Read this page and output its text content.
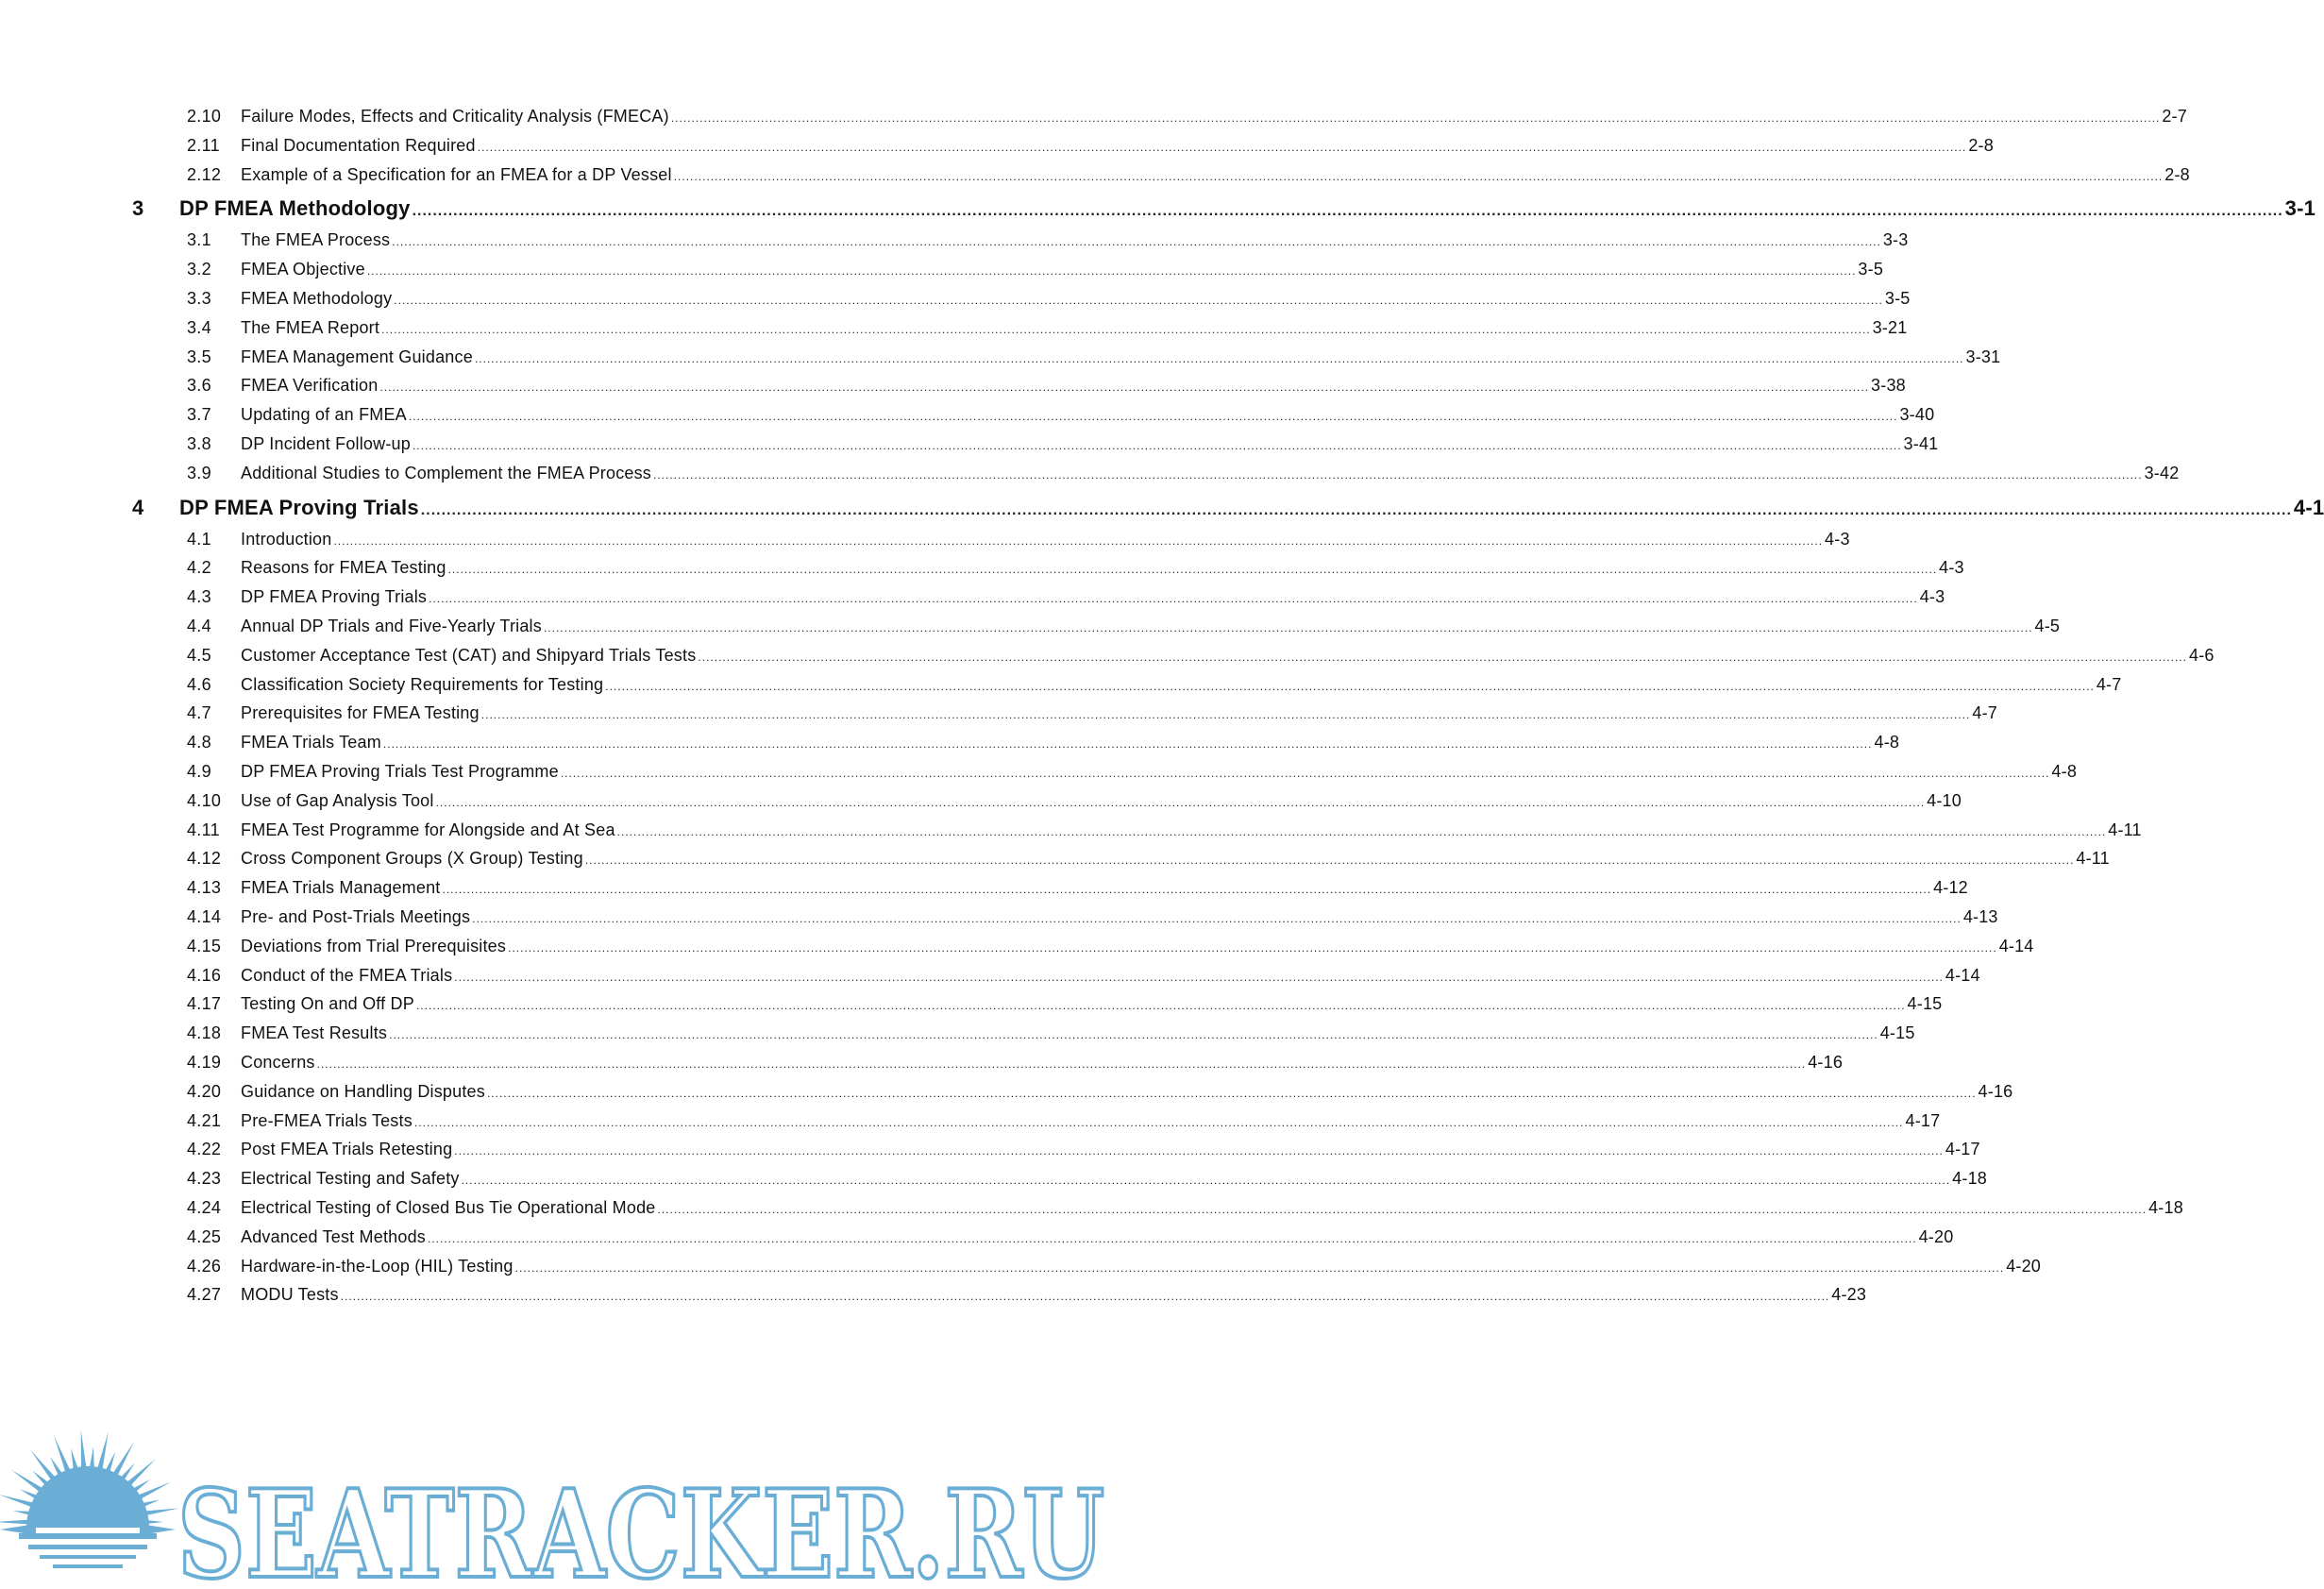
2.10 Failure Modes, Effects and Criticality Analysis (FMECA) .....	2-7
2.11 Final Documentation Required .....	2-8
2.12 Example of a Specification for an FMEA for a DP Vessel .....	2-8
3 DP FMEA Methodology .....	3-1
3.1 The FMEA Process .....	3-3
3.2 FMEA Objective .....	3-5
3.3 FMEA Methodology .....	3-5
3.4 The FMEA Report .....	3-21
3.5 FMEA Management Guidance .....	3-31
3.6 FMEA Verification .....	3-38
3.7 Updating of an FMEA .....	3-40
3.8 DP Incident Follow-up .....	3-41
3.9 Additional Studies to Complement the FMEA Process .....	3-42
4 DP FMEA Proving Trials .....	4-1
4.1 Introduction .....	4-3
4.2 Reasons for FMEA Testing .....	4-3
4.3 DP FMEA Proving Trials .....	4-3
4.4 Annual DP Trials and Five-Yearly Trials .....	4-5
4.5 Customer Acceptance Test (CAT) and Shipyard Trials Tests .....	4-6
4.6 Classification Society Requirements for Testing .....	4-7
4.7 Prerequisites for FMEA Testing .....	4-7
4.8 FMEA Trials Team .....	4-8
4.9 DP FMEA Proving Trials Test Programme .....	4-8
4.10 Use of Gap Analysis Tool .....	4-10
4.11 FMEA Test Programme for Alongside and At Sea .....	4-11
4.12 Cross Component Groups (X Group) Testing .....	4-11
4.13 FMEA Trials Management .....	4-12
4.14 Pre- and Post-Trials Meetings .....	4-13
4.15 Deviations from Trial Prerequisites .....	4-14
4.16 Conduct of the FMEA Trials .....	4-14
4.17 Testing On and Off DP .....	4-15
4.18 FMEA Test Results .....	4-15
4.19 Concerns .....	4-16
4.20 Guidance on Handling Disputes .....	4-16
4.21 Pre-FMEA Trials Tests .....	4-17
4.22 Post FMEA Trials Retesting .....	4-17
4.23 Electrical Testing and Safety .....	4-18
4.24 Electrical Testing of Closed Bus Tie Operational Mode .....	4-18
4.25 Advanced Test Methods .....	4-20
4.26 Hardware-in-the-Loop (HIL) Testing .....	4-20
4.27 MODU Tests .....	4-23
SEATRACKER.RU
